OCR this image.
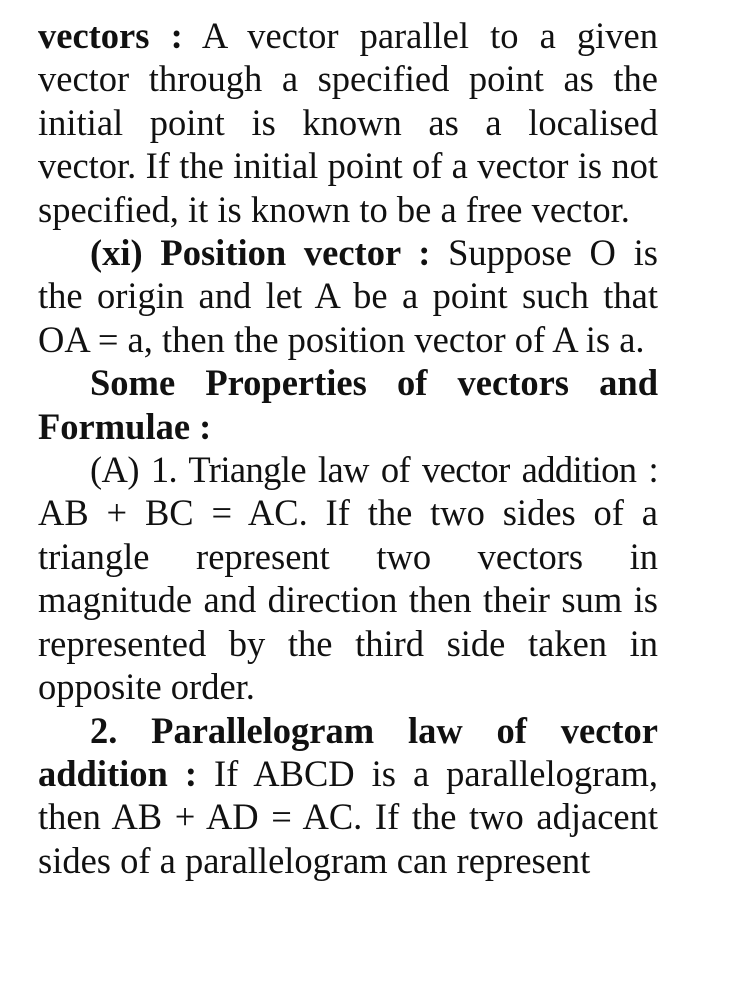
vectors : A vector parallel to a given vector through a specified point as the initial point is known as a localised vector. If the initial point of a vector is not specified, it is known to be a free vector.

(xi) Position vector : Suppose O is the origin and let A be a point such that OA = a, then the position vector of A is a.

Some Properties of vectors and Formulae :

(A) 1. Triangle law of vector addition : AB + BC = AC. If the two sides of a triangle represent two vectors in magnitude and direction then their sum is represented by the third side taken in opposite order.

2. Parallelogram law of vector addition : If ABCD is a parallelogram, then AB + AD = AC. If the two adjacent sides of a parallelogram can represent
